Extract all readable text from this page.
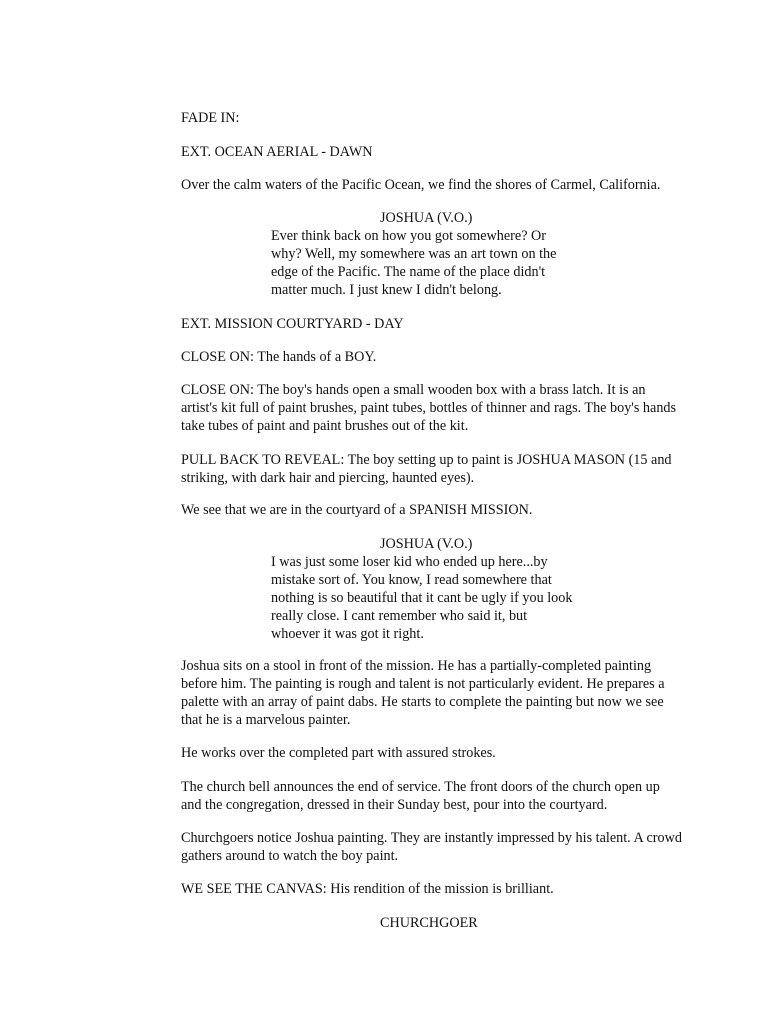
FADE IN:

EXT. OCEAN AERIAL - DAWN

Over the calm waters of the Pacific Ocean, we find the shores of Carmel, California.

JOSHUA (V.O.)

Ever think back on how you got somewhere? Or
why? Well, my somewhere was an art town on the
edge of the Pacific. The name of the place didn't
matter much. I just knew I didn't belong.

EXT. MISSION COURTYARD - DAY

CLOSE ON: The hands of a BOY.

CLOSE ON: The boy's hands open a small wooden box with a brass latch. It is an
artist's kit full of paint brushes, paint tubes, bottles of thinner and rags. The boy's hands
take tubes of paint and paint brushes out of the kit.
PULL BACK TO REVEAL: The boy setting up to paint is JOSHUA MASON (15 and
striking, with dark hair and piercing, haunted eyes).

We see that we are in the courtyard of a SPANISH MISSION.

JOSHUA (V.O.)

I was just some loser kid who ended up here...by
mistake sort of. You know, I read somewhere that
nothing is so beautiful that it cant be ugly if you look
really close. I cant remember who said it, but
whoever it was got it right.
Joshua sits on a stool in front of the mission. He has a partially-completed painting
before him. The painting is rough and talent is not particularly evident. He prepares a
palette with an array of paint dabs. He starts to complete the painting but now we see
that he is a marvelous painter.

He works over the completed part with assured strokes.

The church bell announces the end of service. The front doors of the church open up
and the congregation, dressed in their Sunday best, pour into the courtyard.
Churchgoers notice Joshua painting. They are instantly impressed by his talent. A crowd
gathers around to watch the boy paint.

WE SEE THE CANVAS: His rendition of the mission is brilliant.

CHURCHGOER
